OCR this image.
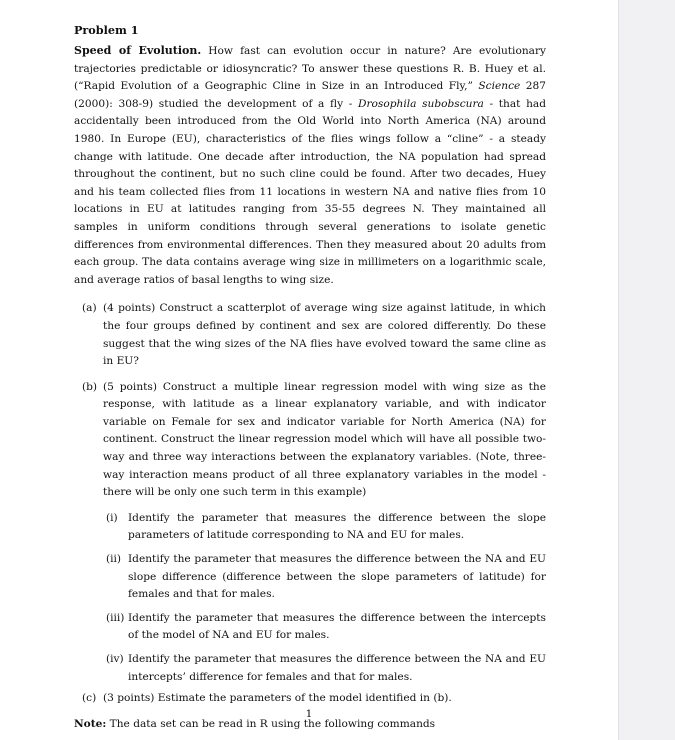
Problem 1

Speed of Evolution. How fast can evolution occur in nature? Are evolutionary trajectories predictable or idiosyncratic? To answer these questions R. B. Huey et al. (“Rapid Evolution of a Geographic Cline in Size in an Introduced Fly,” Science 287 (2000): 308-9) studied the development of a fly - Drosophila subobscura - that had accidentally been introduced from the Old World into North America (NA) around 1980. In Europe (EU), characteristics of the flies wings follow a “cline” - a steady change with latitude. One decade after introduction, the NA population had spread throughout the continent, but no such cline could be found. After two decades, Huey and his team collected flies from 11 locations in western NA and native flies from 10 locations in EU at latitudes ranging from 35-55 degrees N. They maintained all samples in uniform conditions through several generations to isolate genetic differences from environmental differences. Then they measured about 20 adults from each group. The data contains average wing size in millimeters on a logarithmic scale, and average ratios of basal lengths to wing size.

(a) (4 points) Construct a scatterplot of average wing size against latitude, in which the four groups defined by continent and sex are colored differently. Do these suggest that the wing sizes of the NA flies have evolved toward the same cline as in EU?
(b) (5 points) Construct a multiple linear regression model with wing size as the response, with latitude as a linear explanatory variable, and with indicator variable on Female for sex and indicator variable for North America (NA) for continent. Construct the linear regression model which will have all possible two-way and three way interactions between the explanatory variables. (Note, three-way interaction means product of all three explanatory variables in the model - there will be only one such term in this example)
(i) Identify the parameter that measures the difference between the slope parameters of latitude corresponding to NA and EU for males.
(ii) Identify the parameter that measures the difference between the NA and EU slope difference (difference between the slope parameters of latitude) for females and that for males.
(iii) Identify the parameter that measures the difference between the intercepts of the model of NA and EU for males.
(iv) Identify the parameter that measures the difference between the NA and EU intercepts’ difference for females and that for males.
(c) (3 points) Estimate the parameters of the model identified in (b).

Note: The data set can be read in R using the following commands

1
